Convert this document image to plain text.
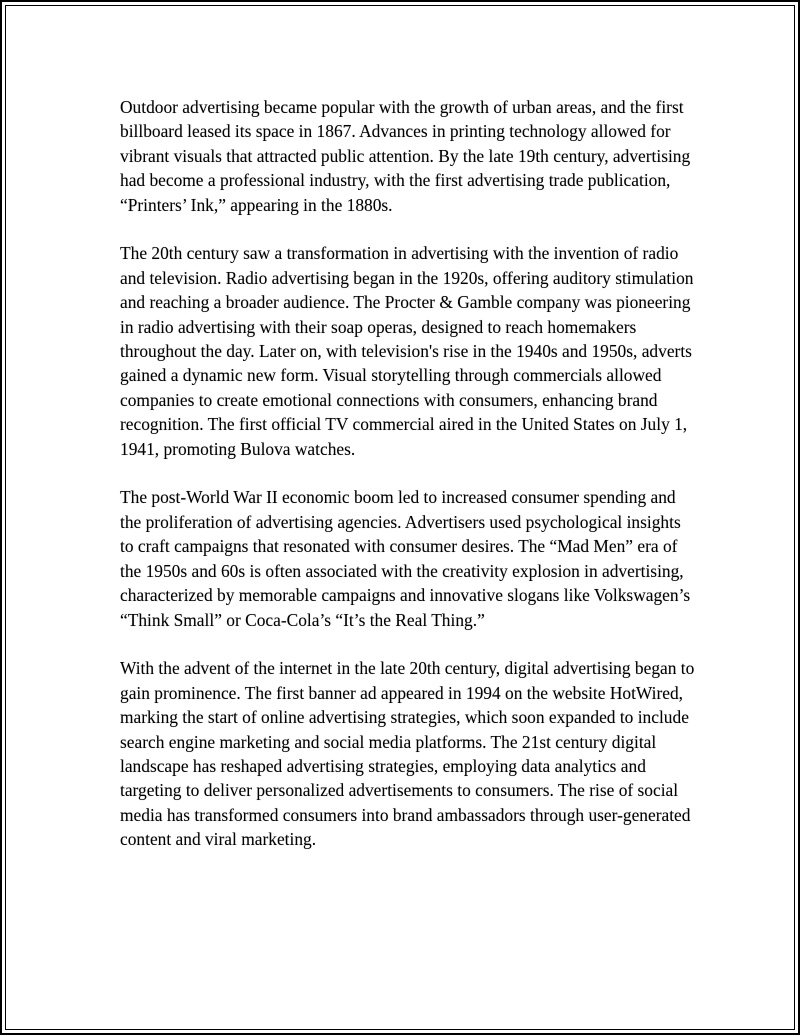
Outdoor advertising became popular with the growth of urban areas, and the first billboard leased its space in 1867. Advances in printing technology allowed for vibrant visuals that attracted public attention. By the late 19th century, advertising had become a professional industry, with the first advertising trade publication, “Printers’ Ink,” appearing in the 1880s.

The 20th century saw a transformation in advertising with the invention of radio and television. Radio advertising began in the 1920s, offering auditory stimulation and reaching a broader audience. The Procter & Gamble company was pioneering in radio advertising with their soap operas, designed to reach homemakers throughout the day. Later on, with television's rise in the 1940s and 1950s, adverts gained a dynamic new form. Visual storytelling through commercials allowed companies to create emotional connections with consumers, enhancing brand recognition. The first official TV commercial aired in the United States on July 1, 1941, promoting Bulova watches.

The post-World War II economic boom led to increased consumer spending and the proliferation of advertising agencies. Advertisers used psychological insights to craft campaigns that resonated with consumer desires. The “Mad Men” era of the 1950s and 60s is often associated with the creativity explosion in advertising, characterized by memorable campaigns and innovative slogans like Volkswagen’s “Think Small” or Coca-Cola’s “It’s the Real Thing.”

With the advent of the internet in the late 20th century, digital advertising began to gain prominence. The first banner ad appeared in 1994 on the website HotWired, marking the start of online advertising strategies, which soon expanded to include search engine marketing and social media platforms. The 21st century digital landscape has reshaped advertising strategies, employing data analytics and targeting to deliver personalized advertisements to consumers. The rise of social media has transformed consumers into brand ambassadors through user-generated content and viral marketing.
